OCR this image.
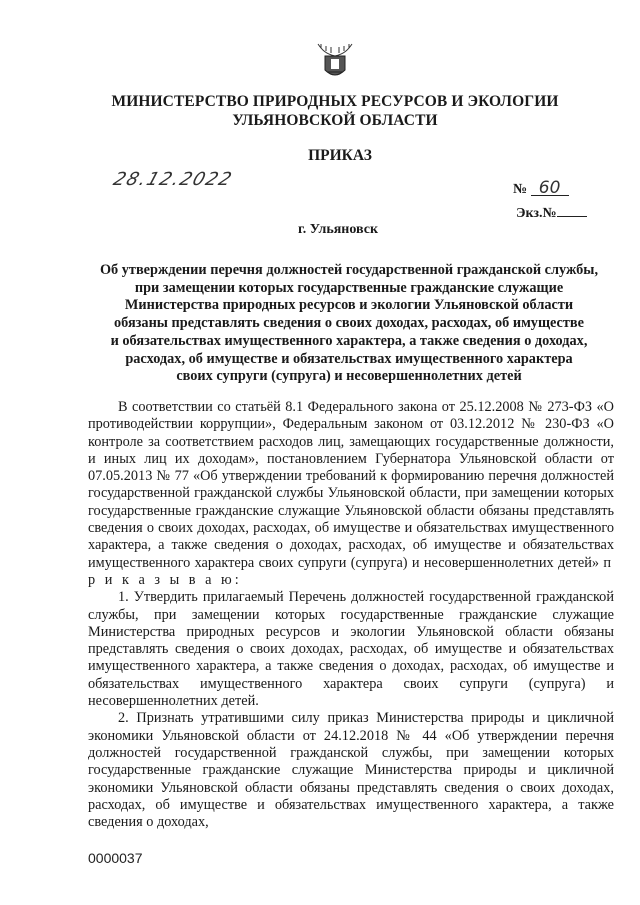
МИНИСТЕРСТВО ПРИРОДНЫХ РЕСУРСОВ И ЭКОЛОГИИ
УЛЬЯНОВСКОЙ ОБЛАСТИ
ПРИКАЗ
28.12.2022	№ 60
Экз.№
г. Ульяновск
Об утверждении перечня должностей государственной гражданской службы,
при замещении которых государственные гражданские служащие
Министерства природных ресурсов и экологии Ульяновской области
обязаны представлять сведения о своих доходах, расходах, об имуществе
и обязательствах имущественного характера, а также сведения о доходах,
расходах, об имуществе и обязательствах имущественного характера
своих супруги (супруга) и несовершеннолетних детей

В соответствии со статьёй 8.1 Федерального закона от 25.12.2008 № 273-ФЗ «О противодействии коррупции», Федеральным законом от 03.12.2012 № 230-ФЗ «О контроле за соответствием расходов лиц, замещающих государственные должности, и иных лиц их доходам», постановлением Губернатора Ульяновской области от 07.05.2013 № 77 «Об утверждении требований к формированию перечня должностей государственной гражданской службы Ульяновской области, при замещении которых государственные гражданские служащие Ульяновской области обязаны представлять сведения о своих доходах, расходах, об имуществе и обязательствах имущественного характера, а также сведения о доходах, расходах, об имуществе и обязательствах имущественного характера своих супруги (супруга) и несовершеннолетних детей» п р и к а з ы в а ю:

1. Утвердить прилагаемый Перечень должностей государственной гражданской службы, при замещении которых государственные гражданские служащие Министерства природных ресурсов и экологии Ульяновской области обязаны представлять сведения о своих доходах, расходах, об имуществе и обязательствах имущественного характера, а также сведения о доходах, расходах, об имуществе и обязательствах имущественного характера своих супруги (супруга) и несовершеннолетних детей.

2. Признать утратившими силу приказ Министерства природы и цикличной экономики Ульяновской области от 24.12.2018 № 44 «Об утверждении перечня должностей государственной гражданской службы, при замещении которых государственные гражданские служащие Министерства природы и цикличной экономики Ульяновской области обязаны представлять сведения о своих доходах, расходах, об имуществе и обязательствах имущественного характера, а также сведения о доходах,

0000037
